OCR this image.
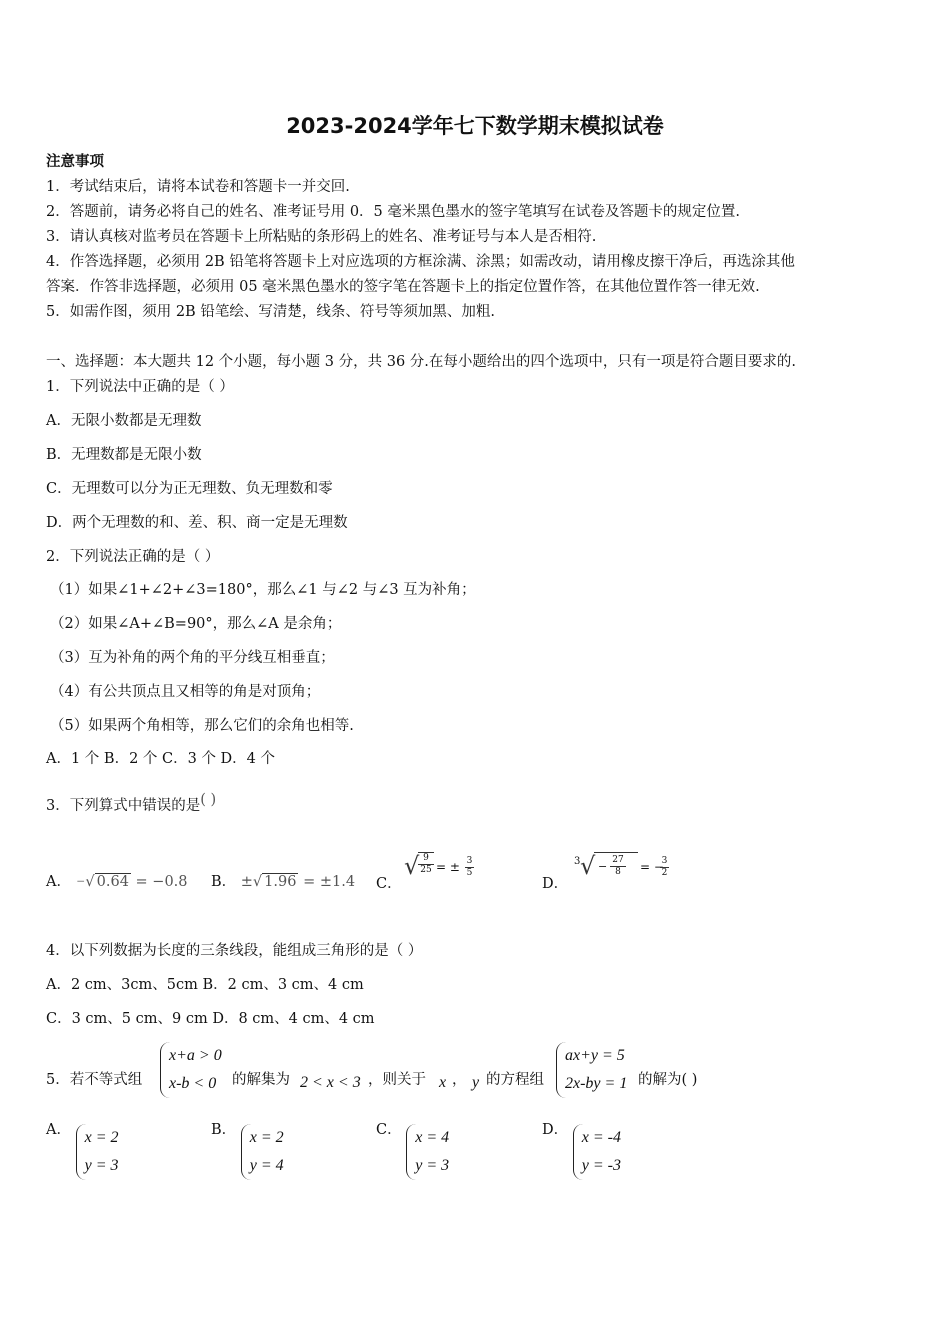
2023-2024学年七下数学期末模拟试卷
注意事项
1．考试结束后，请将本试卷和答题卡一并交回.
2．答题前，请务必将自己的姓名、准考证号用 0．5 毫米黑色墨水的签字笔填写在试卷及答题卡的规定位置.
3．请认真核对监考员在答题卡上所粘贴的条形码上的姓名、准考证号与本人是否相符.
4．作答选择题，必须用 2B 铅笔将答题卡上对应选项的方框涂满、涂黑；如需改动，请用橡皮擦干净后，再选涂其他
答案．作答非选择题，必须用 05 毫米黑色墨水的签字笔在答题卡上的指定位置作答，在其他位置作答一律无效.
5．如需作图，须用 2B 铅笔绘、写清楚，线条、符号等须加黑、加粗.
一、选择题：本大题共 12 个小题，每小题 3 分，共 36 分.在每小题给出的四个选项中，只有一项是符合题目要求的.
1．下列说法中正确的是（ ）
A．无限小数都是无理数
B．无理数都是无限小数
C．无理数可以分为正无理数、负无理数和零
D．两个无理数的和、差、积、商一定是无理数
2．下列说法正确的是（ ）
（1）如果∠1+∠2+∠3=180°，那么∠1 与∠2 与∠3 互为补角；
（2）如果∠A+∠B=90°，那么∠A 是余角；
（3）互为补角的两个角的平分线互相垂直；
（4）有公共顶点且又相等的角是对顶角；
（5）如果两个角相等，那么它们的余角也相等.
A．1 个 B．2 个 C．3 个 D．4 个
3．下列算式中错误的是( )
A． −√ 0.64 = −0.8 B． ±√ 1.96 = ±1.4 C．
√
$\frac{9}{25}$ = ± $\frac{3}{5}$
D．
3 √ − $\frac{27}{8}$ = −
$\frac{3}{2}$
4．以下列数据为长度的三条线段，能组成三角形的是（ ）
A．2 cm、3cm、5cm B．2 cm、3 cm、4 cm
C．3 cm、5 cm、9 cm D．8 cm、4 cm、4 cm
5．若不等式组
x+a > 0
x-b < 0	的解集为 2 < x < 3 ，则关于 x ， y 的方程组
ax+y = 5
2x-by = 1 的解为( )
A． x = 2
y = 3
B． x = 2
y = 4
C． x = 4
y = 3
D． x = -4
y = -3
